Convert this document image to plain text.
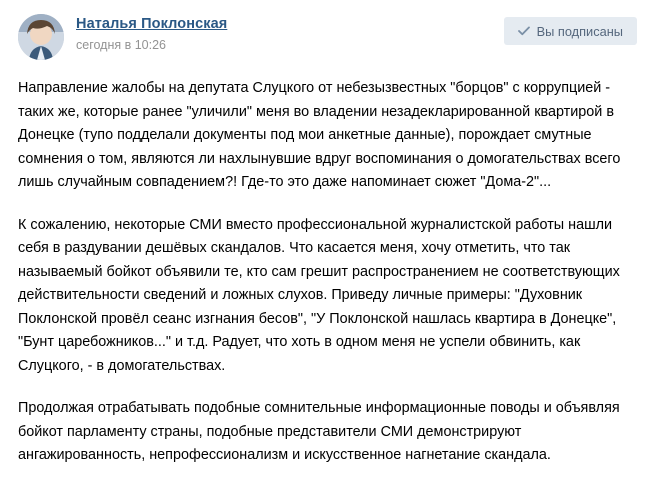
Наталья Поклонская
сегодня в 10:26
Вы подписаны

Направление жалобы на депутата Слуцкого от небезызвестных "борцов" с коррупцией - таких же, которые ранее "уличили" меня во владении незадекларированной квартирой в Донецке (тупо подделали документы под мои анкетные данные), порождает смутные сомнения о том, являются ли нахлынувшие вдруг воспоминания о домогательствах всего лишь случайным совпадением?! Где-то это даже напоминает сюжет "Дома-2"...

К сожалению, некоторые СМИ вместо профессиональной журналистской работы нашли себя в раздувании дешёвых скандалов. Что касается меня, хочу отметить, что так называемый бойкот объявили те, кто сам грешит распространением не соответствующих действительности сведений и ложных слухов. Приведу личные примеры: "Духовник Поклонской провёл сеанс изгнания бесов", "У Поклонской нашлась квартира в Донецке", "Бунт царебожников..." и т.д. Радует, что хоть в одном меня не успели обвинить, как Слуцкого, - в домогательствах.

Продолжая отрабатывать подобные сомнительные информационные поводы и объявляя бойкот парламенту страны, подобные представители СМИ демонстрируют ангажированность, непрофессионализм и искусственное нагнетание скандала.
